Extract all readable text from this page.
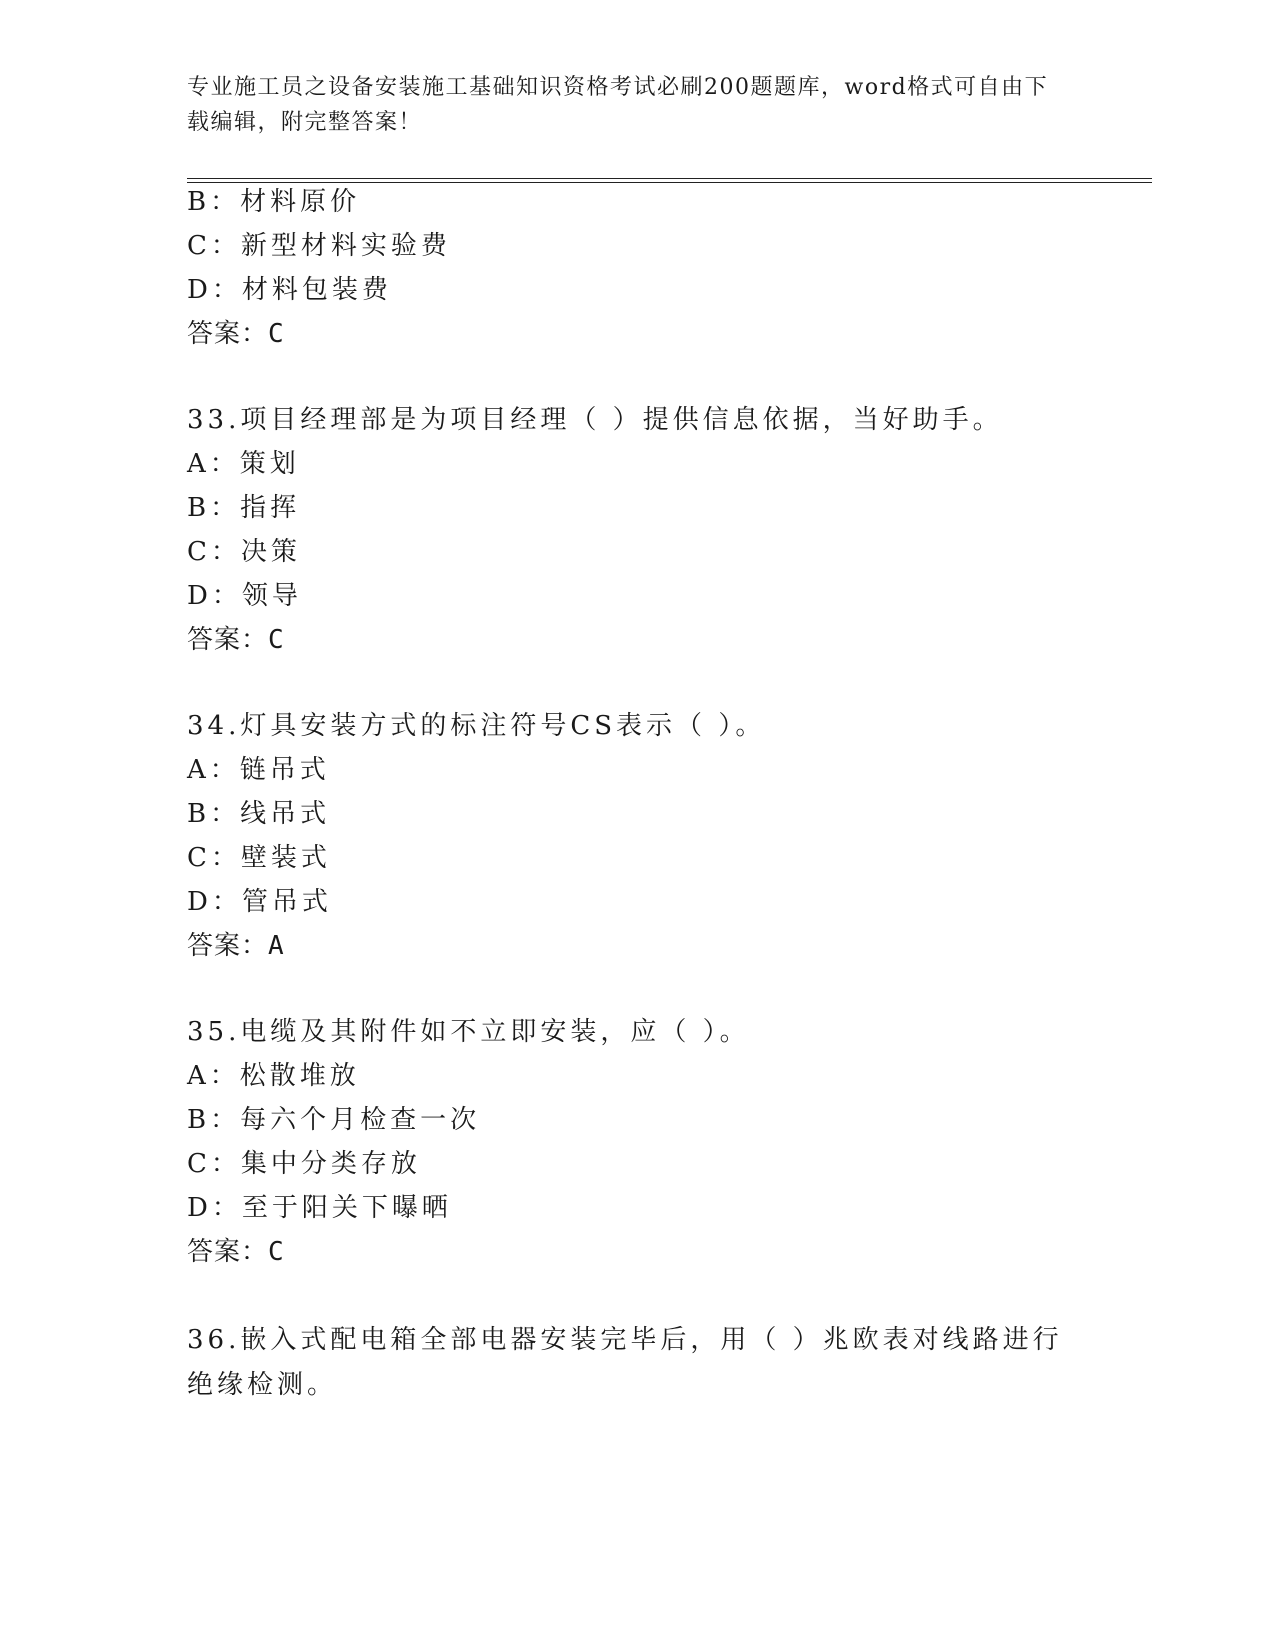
专业施工员之设备安装施工基础知识资格考试必刷200题题库，word格式可自由下载编辑，附完整答案！
B：材料原价
C：新型材料实验费
D：材料包装费
答案：C
33.项目经理部是为项目经理（ ）提供信息依据，当好助手。
A：策划
B：指挥
C：决策
D：领导
答案：C
34.灯具安装方式的标注符号CS表示（ ）。
A：链吊式
B：线吊式
C：壁装式
D：管吊式
答案：A
35.电缆及其附件如不立即安装，应（ ）。
A：松散堆放
B：每六个月检查一次
C：集中分类存放
D：至于阳关下曝晒
答案：C
36.嵌入式配电箱全部电器安装完毕后，用（ ）兆欧表对线路进行绝缘检测。
